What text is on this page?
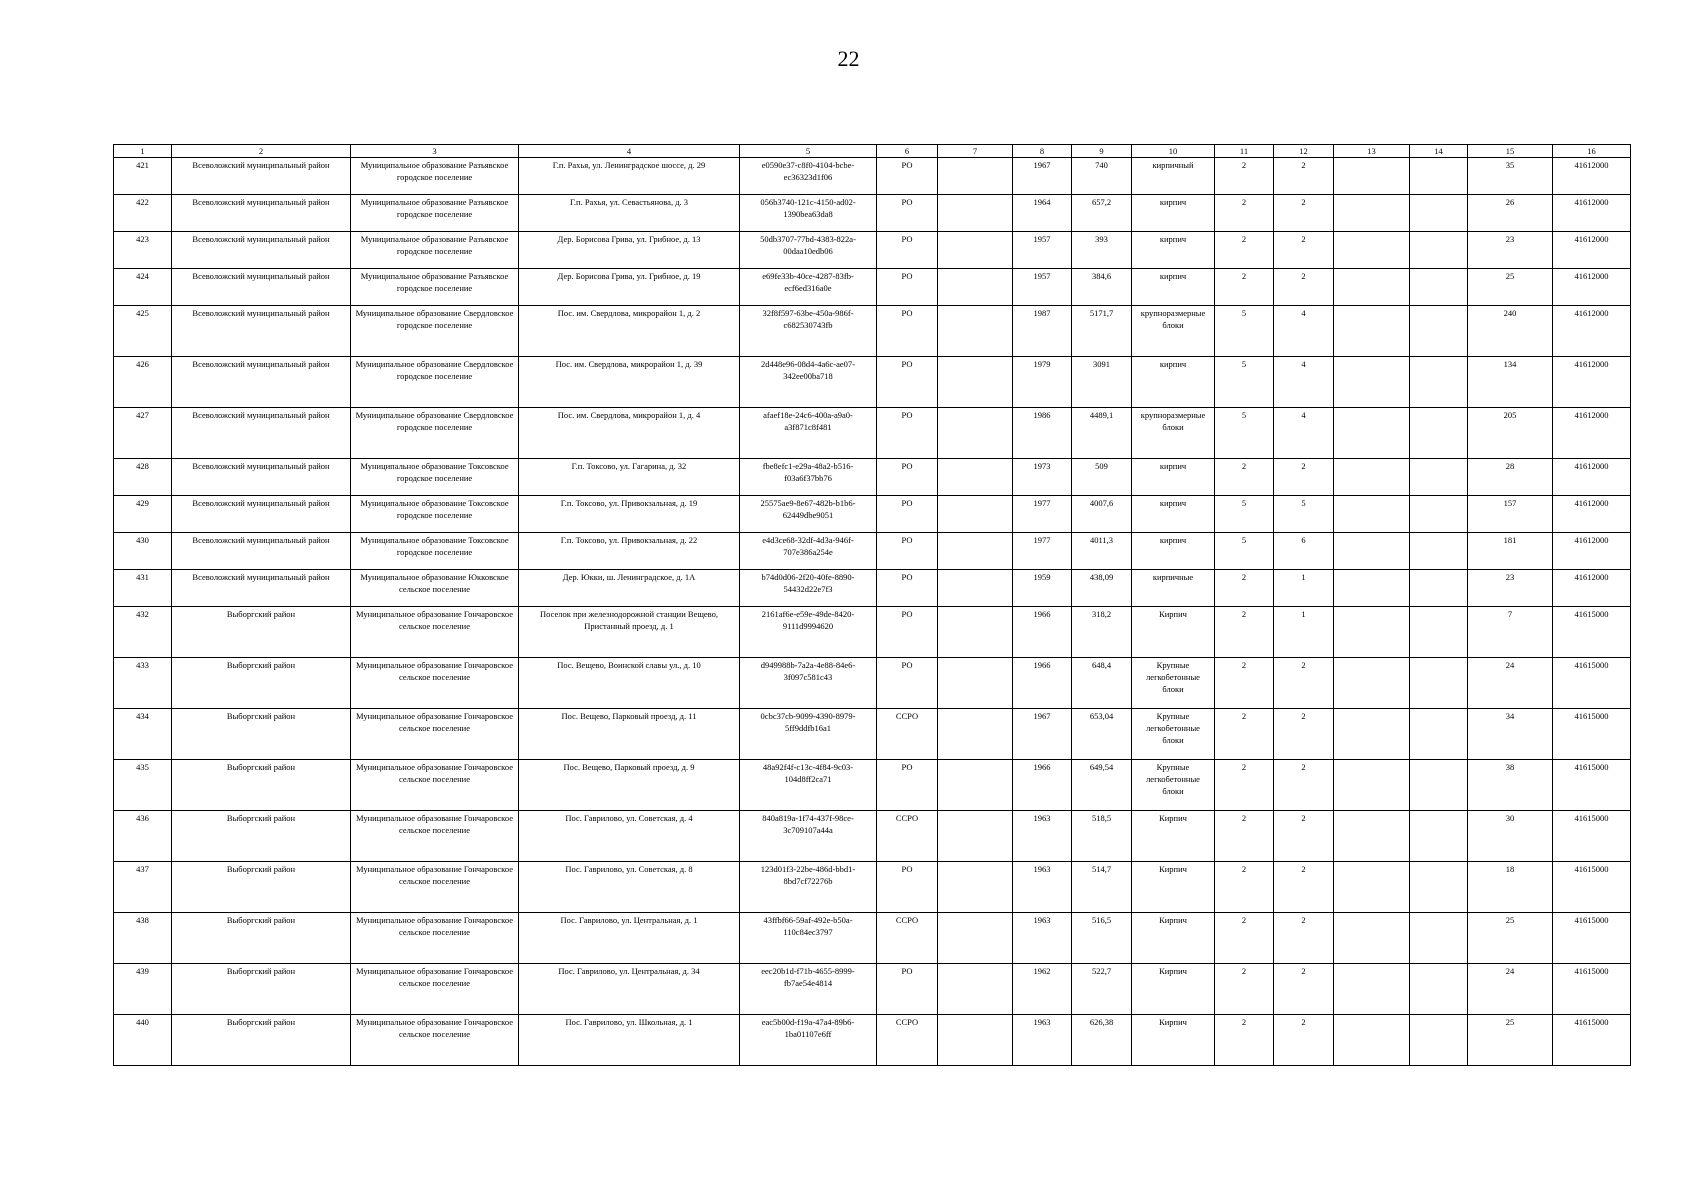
22
1	2	3	4	5	6	7	8	9	10	11	12	13	14	15	16
421	Всеволожский муниципальный район	Муниципальное образование Разъявское городское поселение	Г.п. Рахья, ул. Ленинградское шоссе, д. 29	e0590e37-c8f0-4104-bcbe-ec36323d1f06	РО		1967	740	кирпичный	2	2			35	41612000
422	Всеволожский муниципальный район	Муниципальное образование Разъявское городское поселение	Г.п. Рахья, ул. Севастьянова, д. 3	056b3740-121c-4150-ad02-1390bea63da8	РО		1964	657,2	кирпич	2	2			26	41612000
423	Всеволожский муниципальный район	Муниципальное образование Разъявское городское поселение	Дер. Борисова Грива, ул. Грибное, д. 13	50db3707-77bd-4383-822a-00daa10edb06	РО		1957	393	кирпич	2	2			23	41612000
424	Всеволожский муниципальный район	Муниципальное образование Разъявское городское поселение	Дер. Борисова Грива, ул. Грибное, д. 19	e69fe33b-40ce-4287-83fb-ecf6ed316a0e	РО		1957	384,6	кирпич	2	2			25	41612000
425	Всеволожский муниципальный район	Муниципальное образование Свердловское городское поселение	Пос. им. Свердлова, микрорайон 1, д. 2	32f8f597-63be-450a-986f-c682530743fb	РО		1987	5171,7	крупноразмерные блоки	5	4			240	41612000
426	Всеволожский муниципальный район	Муниципальное образование Свердловское городское поселение	Пос. им. Свердлова, микрорайон 1, д. 39	2d448e96-08d4-4a6c-ae07-342ee00ba718	РО		1979	3091	кирпич	5	4			134	41612000
427	Всеволожский муниципальный район	Муниципальное образование Свердловское городское поселение	Пос. им. Свердлова, микрорайон 1, д. 4	afaef18e-24c6-400a-a9a0-a3f871c8f481	РО		1986	4489,1	крупноразмерные блоки	5	4			205	41612000
428	Всеволожский муниципальный район	Муниципальное образование Токсовское городское поселение	Г.п. Токсово, ул. Гагарина, д. 32	fbe8efc1-e29a-48a2-b516-f03a6f37bb76	РО		1973	509	кирпич	2	2			28	41612000
429	Всеволожский муниципальный район	Муниципальное образование Токсовское городское поселение	Г.п. Токсово, ул. Привокзальная, д. 19	25575ae9-8e67-482b-b1b6-62449dbe9051	РО		1977	4007,6	кирпич	5	5			157	41612000
430	Всеволожский муниципальный район	Муниципальное образование Токсовское городское поселение	Г.п. Токсово, ул. Привокзальная, д. 22	e4d3ce68-32df-4d3a-946f-707e386a254e	РО		1977	4011,3	кирпич	5	6			181	41612000
431	Всеволожский муниципальный район	Муниципальное образование Юкковское сельское поселение	Дер. Юкки, ш. Ленинградское, д. 1А	b74d0d06-2f20-40fe-8890-54432d22e7f3	РО		1959	438,09	кирпичные	2	1			23	41612000
432	Выборгский район	Муниципальное образование Гончаровское сельское поселение	Поселок при железнодорожной станции Вещево, Пристанный проезд, д. 1	2161af6e-e59e-49de-8420-9111d9994620	РО		1966	318,2	Кирпич	2	1			7	41615000
433	Выборгский район	Муниципальное образование Гончаровское сельское поселение	Пос. Вещево, Воинской славы ул., д. 10	d949988b-7a2a-4e88-84e6-3f097c581c43	РО		1966	648,4	Крупные легкобетонные блоки	2	2			24	41615000
434	Выборгский район	Муниципальное образование Гончаровское сельское поселение	Пос. Вещево, Парковый проезд, д. 11	0cbc37cb-9099-4390-8979-5ff9ddfb16a1	СCРО		1967	653,04	Крупные легкобетонные блоки	2	2			34	41615000
435	Выборгский район	Муниципальное образование Гончаровское сельское поселение	Пос. Вещево, Парковый проезд, д. 9	48a92f4f-c13c-4f84-9c03-104d8ff2ca71	РО		1966	649,54	Крупные легкобетонные блоки	2	2			38	41615000
436	Выборгский район	Муниципальное образование Гончаровское сельское поселение	Пос. Гаврилово, ул. Советская, д. 4	840a819a-1f74-437f-98ce-3c709107a44a	СCРО		1963	518,5	Кирпич	2	2			30	41615000
437	Выборгский район	Муниципальное образование Гончаровское сельское поселение	Пос. Гаврилово, ул. Советская, д. 8	123d01f3-22be-486d-bbd1-8bd7cf72276b	РО		1963	514,7	Кирпич	2	2			18	41615000
438	Выборгский район	Муниципальное образование Гончаровское сельское поселение	Пос. Гаврилово, ул. Центральная, д. 1	43ffbf66-59af-492e-b50a-110c84ec3797	СCРО		1963	516,5	Кирпич	2	2			25	41615000
439	Выборгский район	Муниципальное образование Гончаровское сельское поселение	Пос. Гаврилово, ул. Центральная, д. 34	eec20b1d-f71b-4655-8999-fb7ae54e4814	РО		1962	522,7	Кирпич	2	2			24	41615000
440	Выборгский район	Муниципальное образование Гончаровское сельское поселение	Пос. Гаврилово, ул. Школьная, д. 1	eac5b00d-f19a-47a4-89b6-1ba01107e6ff	СCРО		1963	626,38	Кирпич	2	2			25	41615000
